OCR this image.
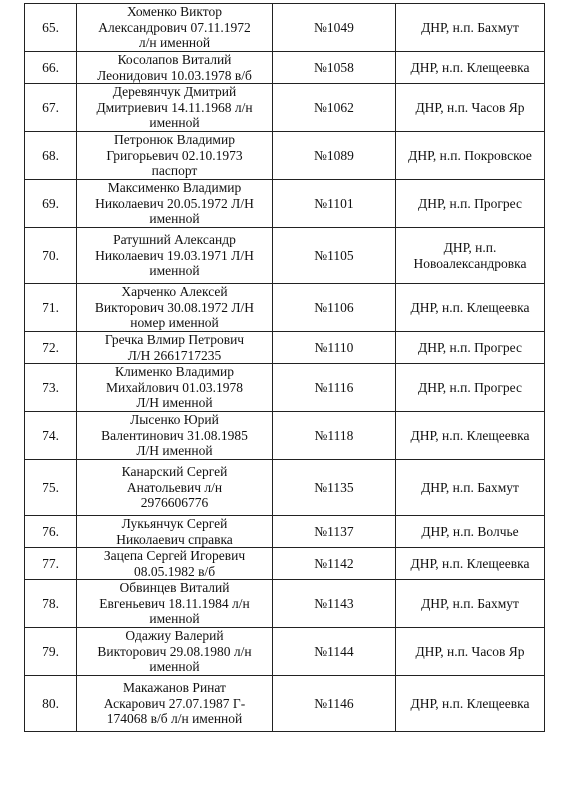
65.	Хоменко Виктор
Александрович 07.11.1972
л/н именной	№1049	ДНР, н.п. Бахмут
66.	Косолапов Виталий
Леонидович 10.03.1978 в/б	№1058	ДНР, н.п. Клещеевка
67.	Деревянчук Дмитрий
Дмитриевич 14.11.1968 л/н
именной	№1062	ДНР, н.п. Часов Яр
68.	Петронюк Владимир
Григорьевич 02.10.1973
паспорт	№1089	ДНР, н.п. Покровское
69.	Максименко Владимир
Николаевич 20.05.1972 Л/Н
именной	№1101	ДНР, н.п. Прогрес
70.	Ратушний Александр
Николаевич 19.03.1971 Л/Н
именной	№1105	ДНР, н.п.
Новоалександровка
71.	Харченко Алексей
Викторович 30.08.1972 Л/Н
номер именной	№1106	ДНР, н.п. Клещеевка
72.	Гречка Влмир Петрович
Л/Н 2661717235	№1110	ДНР, н.п. Прогрес
73.	Клименко Владимир
Михайлович 01.03.1978
Л/Н именной	№1116	ДНР, н.п. Прогрес
74.	Лысенко Юрий
Валентинович 31.08.1985
Л/Н именной	№1118	ДНР, н.п. Клещеевка
75.	Канарский Сергей
Анатольевич л/н
2976606776	№1135	ДНР, н.п. Бахмут
76.	Лукьянчук Сергей
Николаевич справка	№1137	ДНР, н.п. Волчье
77.	Зацепа Сергей Игоревич
08.05.1982 в/б	№1142	ДНР, н.п. Клещеевка
78.	Обвинцев Виталий
Евгеньевич 18.11.1984 л/н
именной	№1143	ДНР, н.п. Бахмут
79.	Одажиу Валерий
Викторович 29.08.1980 л/н
именной	№1144	ДНР, н.п. Часов Яр
80.	Макажанов Ринат
Аскарович 27.07.1987 Г-
174068 в/б л/н именной	№1146	ДНР, н.п. Клещеевка
